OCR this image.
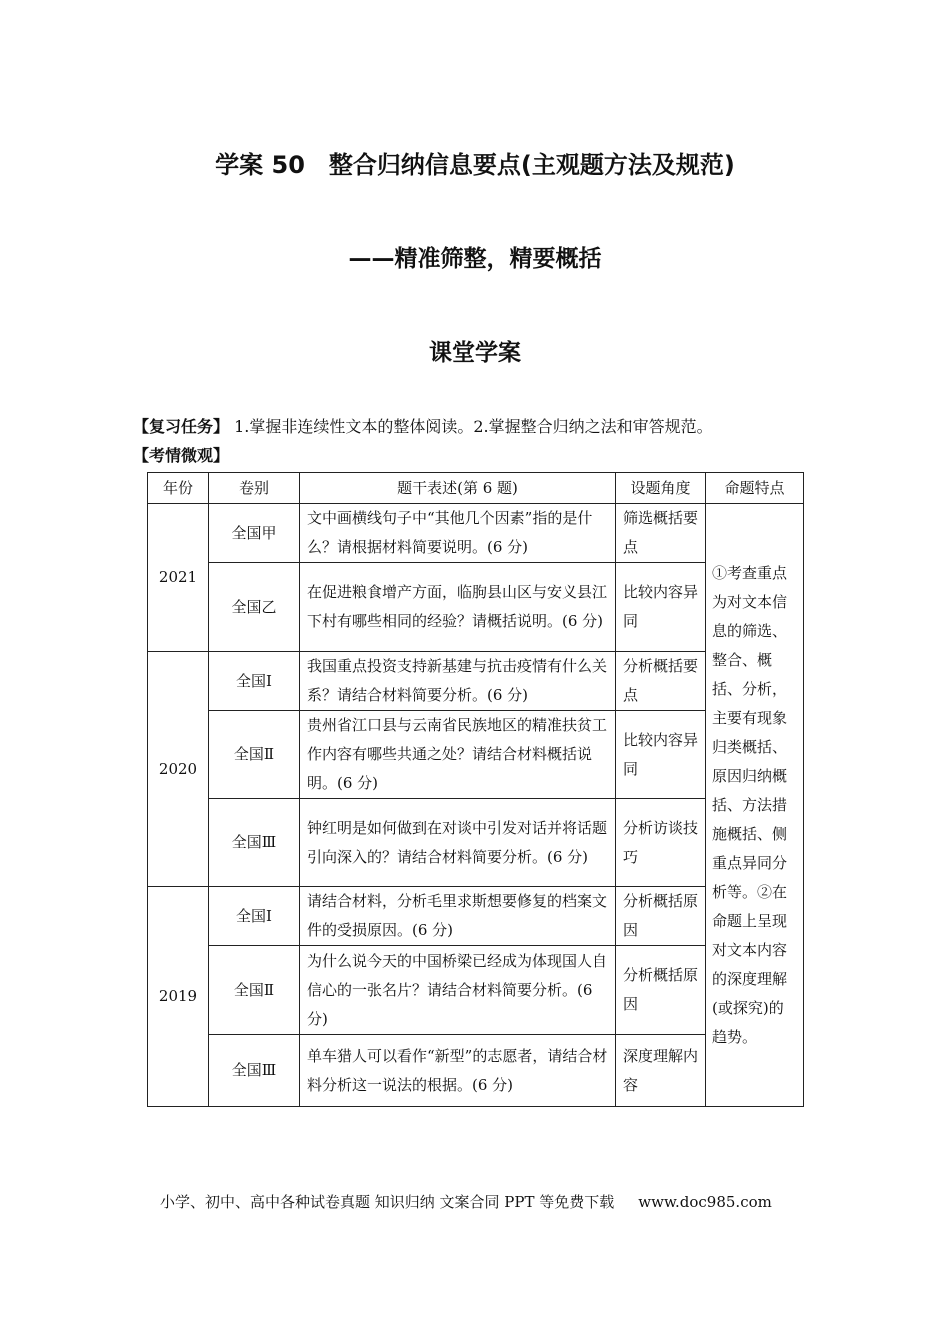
学案 50　整合归纳信息要点(主观题方法及规范)
——精准筛整，精要概括
课堂学案
【复习任务】 1.掌握非连续性文本的整体阅读。2.掌握整合归纳之法和审答规范。
【考情微观】
年份	卷别	题干表述(第 6 题)	设题角度	命题特点
2021	全国甲	文中画横线句子中“其他几个因素”指的是什么？请根据材料简要说明。(6 分)	筛选概括要点	①考查重点为对文本信息的筛选、整合、概括、分析，主要有现象归类概括、原因归纳概括、方法措施概括、侧重点异同分析等。②在命题上呈现对文本内容的深度理解(或探究)的趋势。
	全国乙	在促进粮食增产方面，临朐县山区与安义县江下村有哪些相同的经验？请概括说明。(6 分)	比较内容异同	
2020	全国Ⅰ	我国重点投资支持新基建与抗击疫情有什么关系？请结合材料简要分析。(6 分)	分析概括要点	
	全国Ⅱ	贵州省江口县与云南省民族地区的精准扶贫工作内容有哪些共通之处？请结合材料概括说明。(6 分)	比较内容异同	
	全国Ⅲ	钟红明是如何做到在对谈中引发对话并将话题引向深入的？请结合材料简要分析。(6 分)	分析访谈技巧	
2019	全国Ⅰ	请结合材料，分析毛里求斯想要修复的档案文件的受损原因。(6 分)	分析概括原因	
	全国Ⅱ	为什么说今天的中国桥梁已经成为体现国人自信心的一张名片？请结合材料简要分析。(6 分)	分析概括原因	
	全国Ⅲ	单车猎人可以看作“新型”的志愿者，请结合材料分析这一说法的根据。(6 分)	深度理解内容	
小学、初中、高中各种试卷真题 知识归纳 文案合同 PPT 等免费下载 www.doc985.com
